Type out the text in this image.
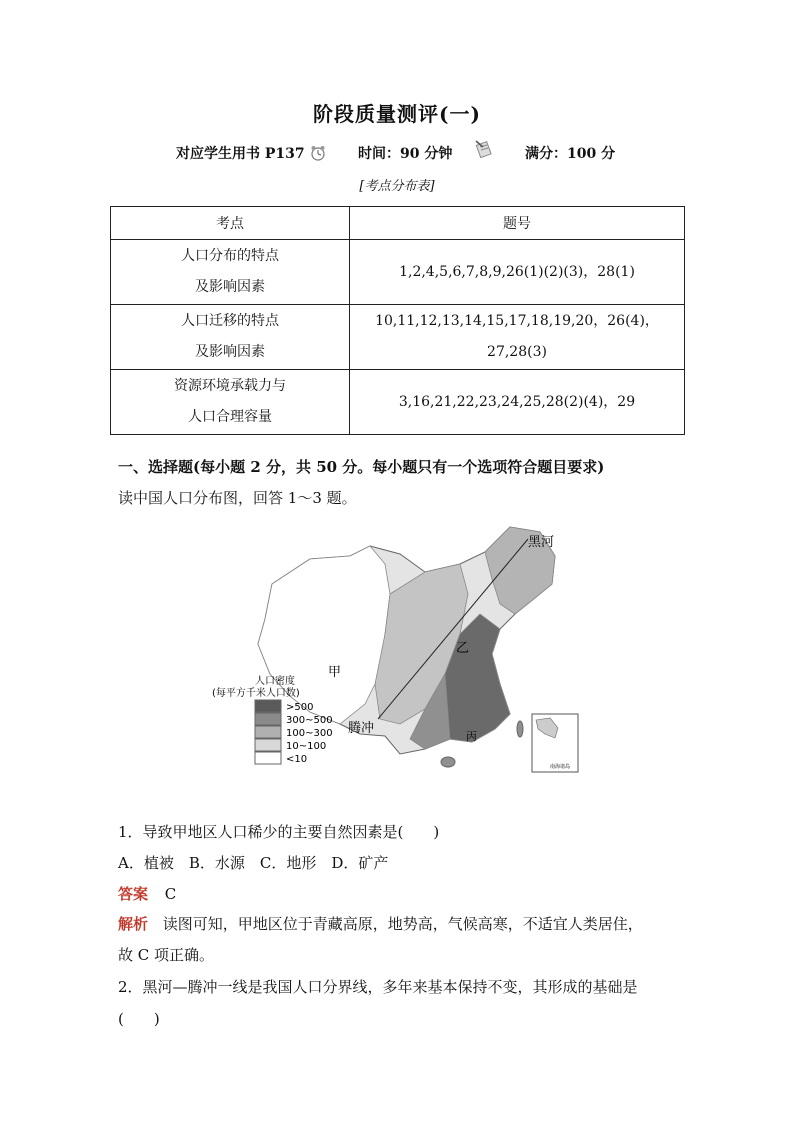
阶段质量测评(一)
对应学生用书 P137	时间：90 分钟	满分：100 分
[考点分布表]
考点	题号

人口分布的特点
及影响因素	1,2,4,5,6,7,8,9,26(1)(2)(3)，28(1)

人口迁移的特点
及影响因素	10,11,12,13,14,15,17,18,19,20，26(4)，27,28(3)

资源环境承载力与
人口合理容量	3,16,21,22,23,24,25,28(2)(4)，29
一、选择题(每小题 2 分，共 50 分。每小题只有一个选项符合题目要求)
读中国人口分布图，回答 1～3 题。
黑河
腾冲
甲
乙
丙
人口密度
(每平方千米人口数)
>500
300~500
100~300
10~100
<10
南海诸岛
1．导致甲地区人口稀少的主要自然因素是(　　)
A．植被　B．水源　C．地形　D．矿产
答案 C
解析 读图可知，甲地区位于青藏高原，地势高，气候高寒，不适宜人类居住，
故 C 项正确。
2．黑河—腾冲一线是我国人口分界线，多年来基本保持不变，其形成的基础是
(　　)
